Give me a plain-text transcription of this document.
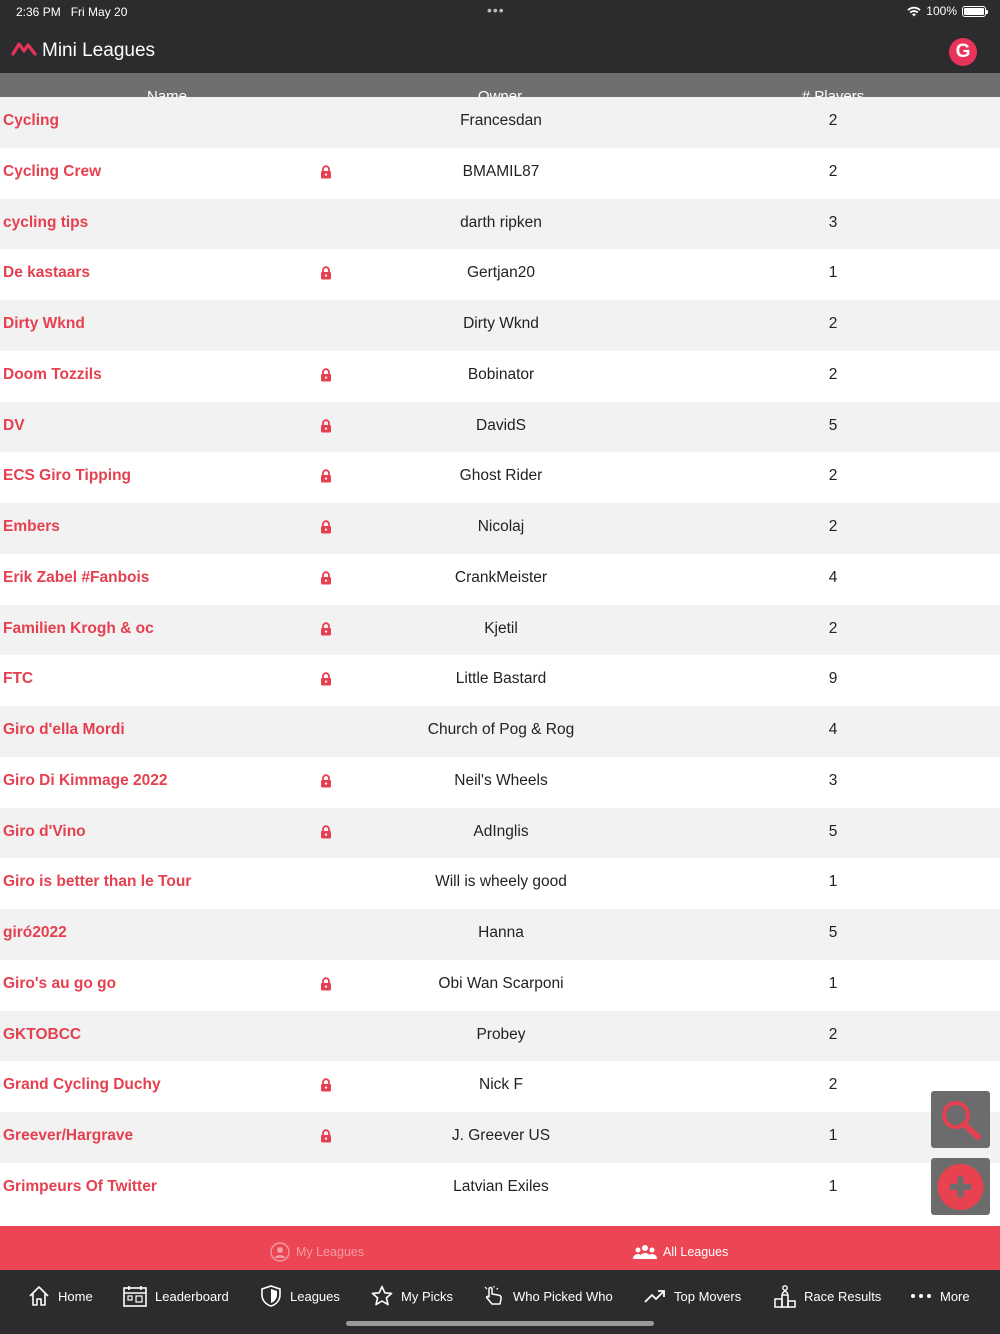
2:36 PM Fri May 20	•••	100%
Mini Leagues	G
Cycling	Francesdan	2
Cycling Crew	BMAMIL87	2
cycling tips	darth ripken	3
De kastaars	Gertjan20	1
Dirty Wknd	Dirty Wknd	2
Doom Tozzils	Bobinator	2
DV	DavidS	5
ECS Giro Tipping	Ghost Rider	2
Embers	Nicolaj	2
Erik Zabel #Fanbois	CrankMeister	4
Familien Krogh & oc	Kjetil	2
FTC	Little Bastard	9
Giro d'ella Mordi	Church of Pog & Rog	4
Giro Di Kimmage 2022	Neil's Wheels	3
Giro d'Vino	AdInglis	5
Giro is better than le Tour	Will is wheely good	1
giró2022	Hanna	5
Giro's au go go	Obi Wan Scarponi	1
GKTOBCC	Probey	2
Grand Cycling Duchy	Nick F	2
Greever/Hargrave	J. Greever US	1
Grimpeurs Of Twitter	Latvian Exiles	1
My Leagues	All Leagues
Home	Leaderboard	Leagues	My Picks	Who Picked Who	Top Movers	Race Results	More
